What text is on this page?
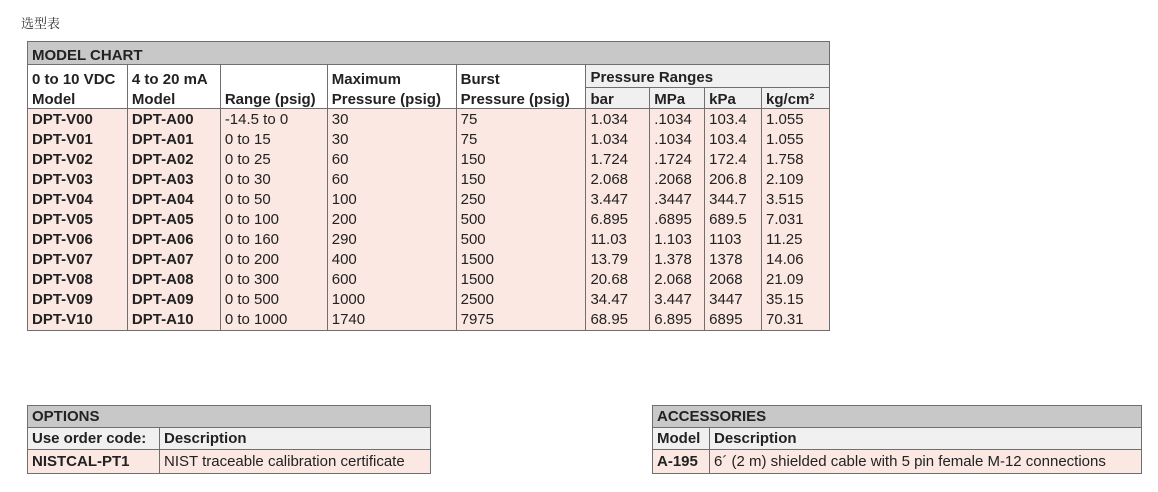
选型表
MODEL CHART								
0 to 10 VDC	4 to 20 mA		Maximum	Burst	Pressure Ranges			
Model	Model	Range (psig)	Pressure (psig)	Pressure (psig)	bar	MPa	kPa	kg/cm²
DPT-V00	DPT-A00	-14.5 to 0	30	75	1.034	.1034	103.4	1.055
DPT-V01	DPT-A01	0 to 15	30	75	1.034	.1034	103.4	1.055
DPT-V02	DPT-A02	0 to 25	60	150	1.724	.1724	172.4	1.758
DPT-V03	DPT-A03	0 to 30	60	150	2.068	.2068	206.8	2.109
DPT-V04	DPT-A04	0 to 50	100	250	3.447	.3447	344.7	3.515
DPT-V05	DPT-A05	0 to 100	200	500	6.895	.6895	689.5	7.031
DPT-V06	DPT-A06	0 to 160	290	500	11.03	1.103	1103	11.25
DPT-V07	DPT-A07	0 to 200	400	1500	13.79	1.378	1378	14.06
DPT-V08	DPT-A08	0 to 300	600	1500	20.68	2.068	2068	21.09
DPT-V09	DPT-A09	0 to 500	1000	2500	34.47	3.447	3447	35.15
DPT-V10	DPT-A10	0 to 1000	1740	7975	68.95	6.895	6895	70.31
OPTIONS	
Use order code:	Description
NISTCAL-PT1	NIST traceable calibration certificate
ACCESSORIES	
Model	Description
A-195	6´ (2 m) shielded cable with 5 pin female M-12 connections
